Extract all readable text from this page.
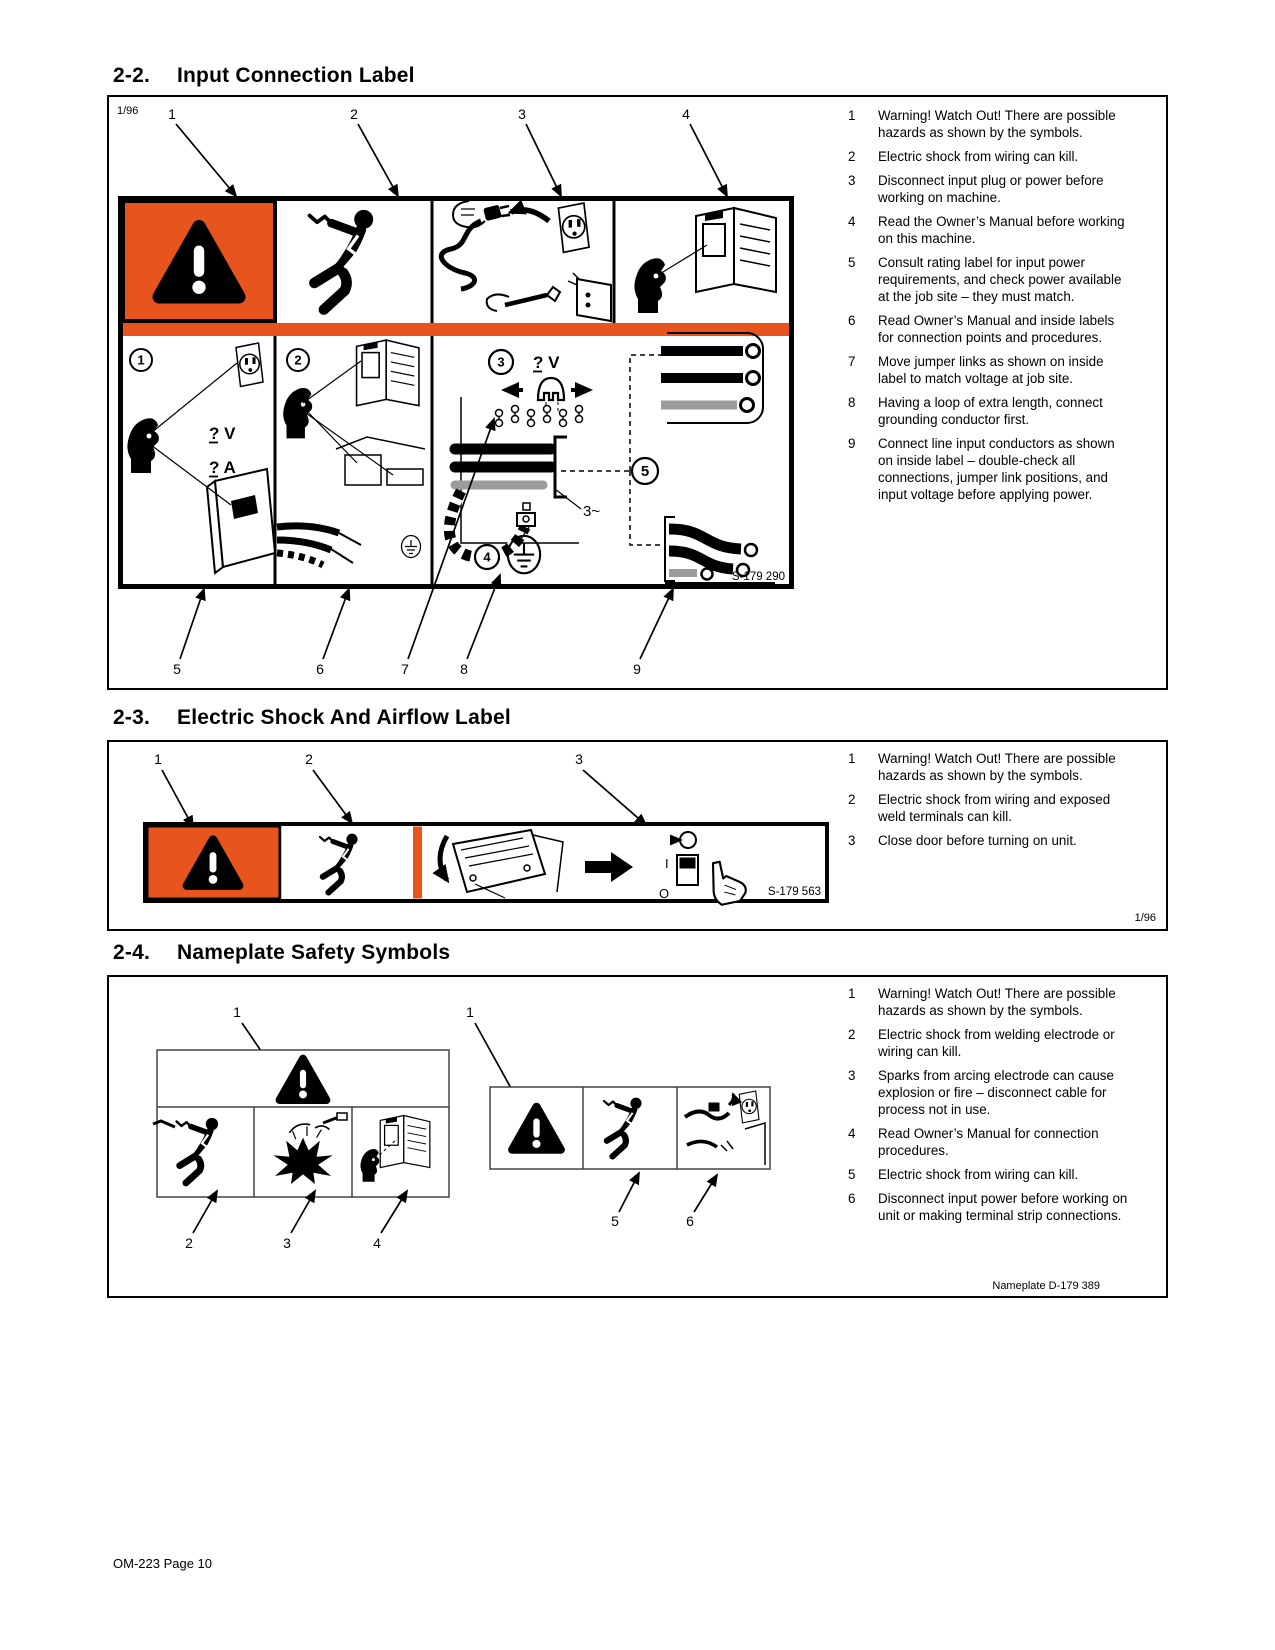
2-2. Input Connection Label
1/96 1	2	3	4
1
? V
? A
2	3 ? V
3~
5
4
S-179 290
5	6	7	8	9
1	Warning! Watch Out! There are possible hazards as shown by the symbols.
2	Electric shock from wiring can kill.
3	Disconnect input plug or power before working on machine.
4	Read the Owner’s Manual before working on this machine.
5	Consult rating label for input power requirements, and check power available at the job site – they must match.
6	Read Owner’s Manual and inside labels for connection points and procedures.
7	Move jumper links as shown on inside label to match voltage at job site.
8	Having a loop of extra length, connect grounding conductor first.
9	Connect line input conductors as shown on inside label – double-check all connections, jumper link positions, and input voltage before applying power.
2-3. Electric Shock And Airflow Label
1	2	3
I
O	S-179 563
1	Warning! Watch Out! There are possible hazards as shown by the symbols.
2	Electric shock from wiring and exposed weld terminals can kill.
3	Close door before turning on unit.
1/96
2-4. Nameplate Safety Symbols
1
2	3	4
1
5	6
1	Warning! Watch Out! There are possible hazards as shown by the symbols.
2	Electric shock from welding electrode or wiring can kill.
3	Sparks from arcing electrode can cause explosion or fire – disconnect cable for process not in use.
4	Read Owner’s Manual for connection procedures.
5	Electric shock from wiring can kill.
6	Disconnect input power before working on unit or making terminal strip connections.
Nameplate D-179 389
OM-223 Page 10
